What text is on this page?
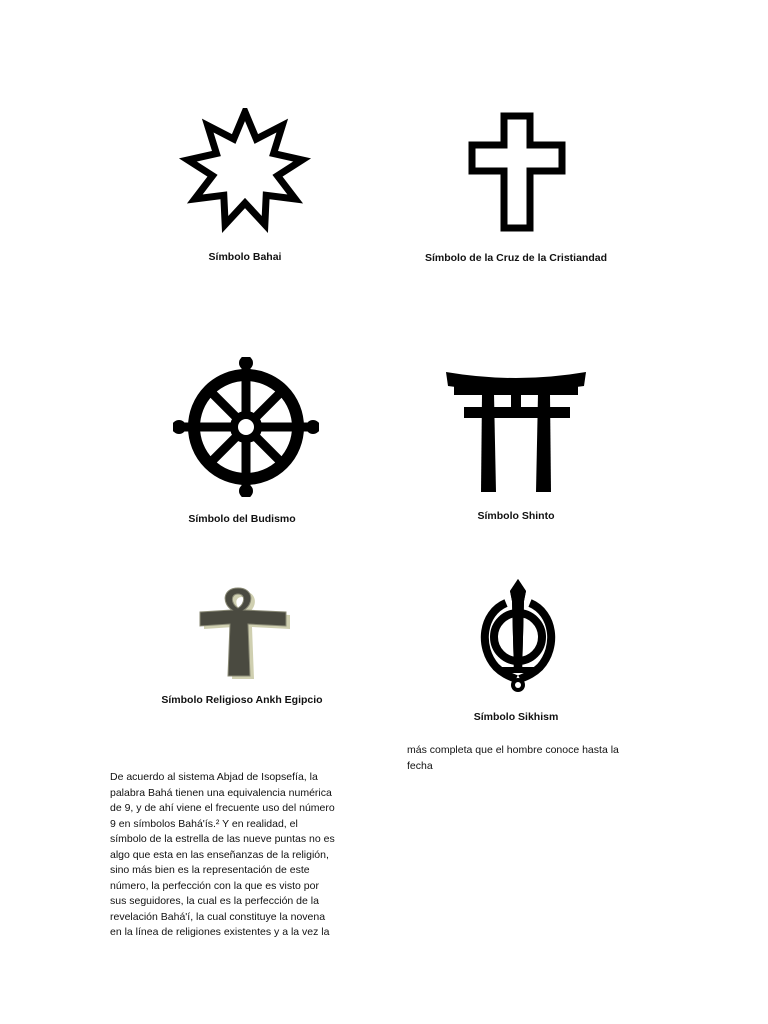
Símbolo Bahai	Símbolo de la Cruz de la Cristiandad
Símbolo del Budismo	Símbolo Shinto
Símbolo Religioso Ankh Egipcio
Símbolo Sikhism
más completa que el hombre conoce hasta la
fecha
De acuerdo al sistema Abjad de Isopsefía, la
palabra Bahá tienen una equivalencia numérica
de 9, y de ahí viene el frecuente uso del número
9 en símbolos Bahá'ís.² Y en realidad, el
símbolo de la estrella de las nueve puntas no es
algo que esta en las enseñanzas de la religión,
sino más bien es la representación de este
número, la perfección con la que es visto por
sus seguidores, la cual es la perfección de la
revelación Bahá'í, la cual constituye la novena
en la línea de religiones existentes y a la vez la
